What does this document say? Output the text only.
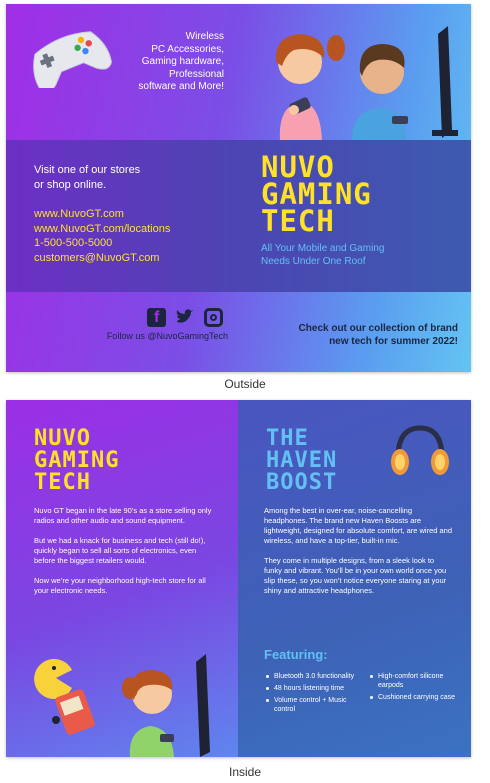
Wireless
PC Accessories,
Gaming hardware,
Professional
software and More!
Visit one of our stores
or shop online.
www.NuvoGT.com
www.NuvoGT.com/locations
1-500-500-5000
customers@NuvoGT.com
NUVO
GAMING
TECH
All Your Mobile and Gaming
Needs Under One Roof
f
Follow us @NuvoGamingTech
Check out our collection of brand
new tech for summer 2022!
Outside
NUVO
GAMING
TECH

Nuvo GT began in the late 90’s as a store selling only radios and other audio and sound equipment.

But we had a knack for business and tech (still do!), quickly began to sell all sorts of electronics, even before the biggest retailers would.

Now we’re your neighborhood high-tech store for all your electronic needs.

THE
HAVEN
BOOST

Among the best in over-ear, noise-cancelling headphones. The brand new Haven Boosts are lightweight, designed for absolute comfort, are wired and wireless, and have a top-tier, built-in mic.

They come in multiple designs, from a sleek look to funky and vibrant. You’ll be in your own world once you slip these, so you won’t notice everyone staring at your shiny and attractive headphones.

Featuring:
Bluetooth 3.0 functionality
48 hours listening time
Volume control + Music control
High-comfort silicone earpods
Cushioned carrying case
Inside
